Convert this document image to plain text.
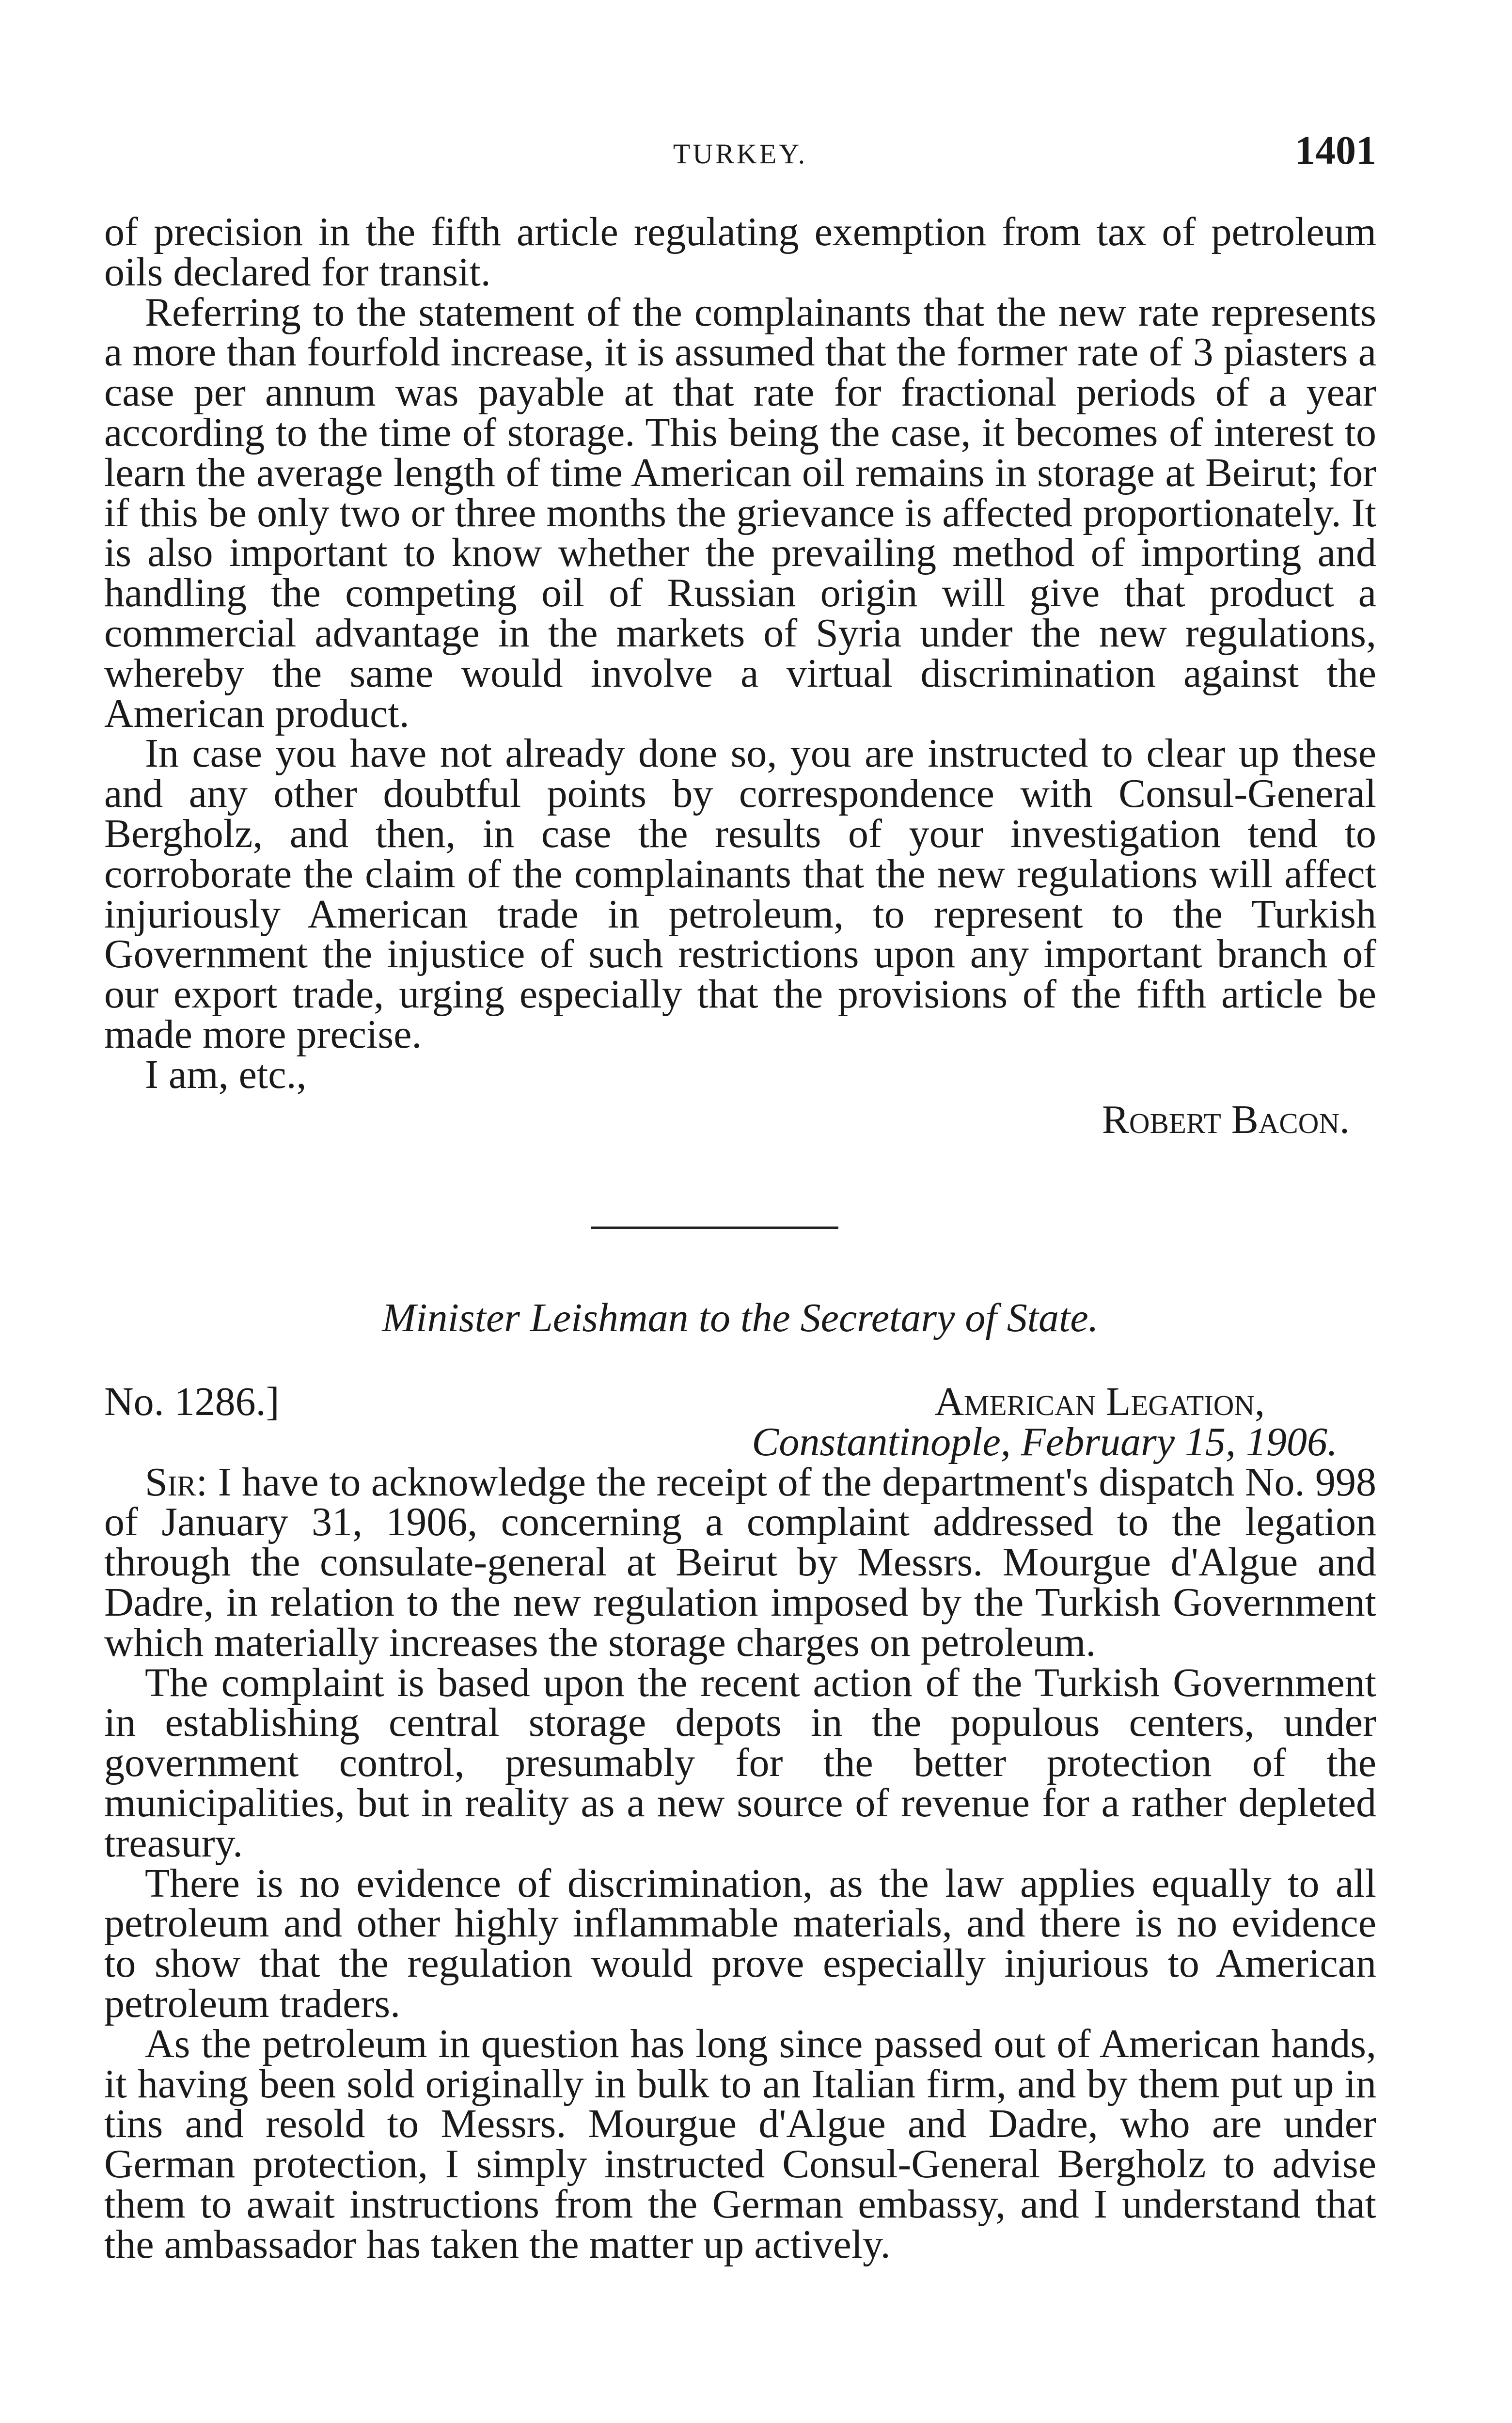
TURKEY.	1401

of precision in the fifth article regulating exemption from tax of petroleum oils declared for transit.

Referring to the statement of the complainants that the new rate represents a more than fourfold increase, it is assumed that the former rate of 3 piasters a case per annum was payable at that rate for fractional periods of a year according to the time of storage. This being the case, it becomes of interest to learn the average length of time American oil remains in storage at Beirut; for if this be only two or three months the grievance is affected proportionately. It is also important to know whether the prevailing method of importing and handling the competing oil of Russian origin will give that product a commercial advantage in the markets of Syria under the new regulations, whereby the same would involve a virtual discrimination against the American product.

In case you have not already done so, you are instructed to clear up these and any other doubtful points by correspondence with Consul-General Bergholz, and then, in case the results of your investigation tend to corroborate the claim of the complainants that the new regulations will affect injuriously American trade in petroleum, to represent to the Turkish Government the injustice of such restrictions upon any important branch of our export trade, urging especially that the provisions of the fifth article be made more precise.

I am, etc.,

Robert Bacon.
Minister Leishman to the Secretary of State.
No. 1286.]	American Legation,
Constantinople, February 15, 1906.

Sir: I have to acknowledge the receipt of the department's dispatch No. 998 of January 31, 1906, concerning a complaint addressed to the legation through the consulate-general at Beirut by Messrs. Mourgue d'Algue and Dadre, in relation to the new regulation imposed by the Turkish Government which materially increases the storage charges on petroleum.

The complaint is based upon the recent action of the Turkish Government in establishing central storage depots in the populous centers, under government control, presumably for the better protection of the municipalities, but in reality as a new source of revenue for a rather depleted treasury.

There is no evidence of discrimination, as the law applies equally to all petroleum and other highly inflammable materials, and there is no evidence to show that the regulation would prove especially injurious to American petroleum traders.

As the petroleum in question has long since passed out of American hands, it having been sold originally in bulk to an Italian firm, and by them put up in tins and resold to Messrs. Mourgue d'Algue and Dadre, who are under German protection, I simply instructed Consul-General Bergholz to advise them to await instructions from the German embassy, and I understand that the ambassador has taken the matter up actively.
